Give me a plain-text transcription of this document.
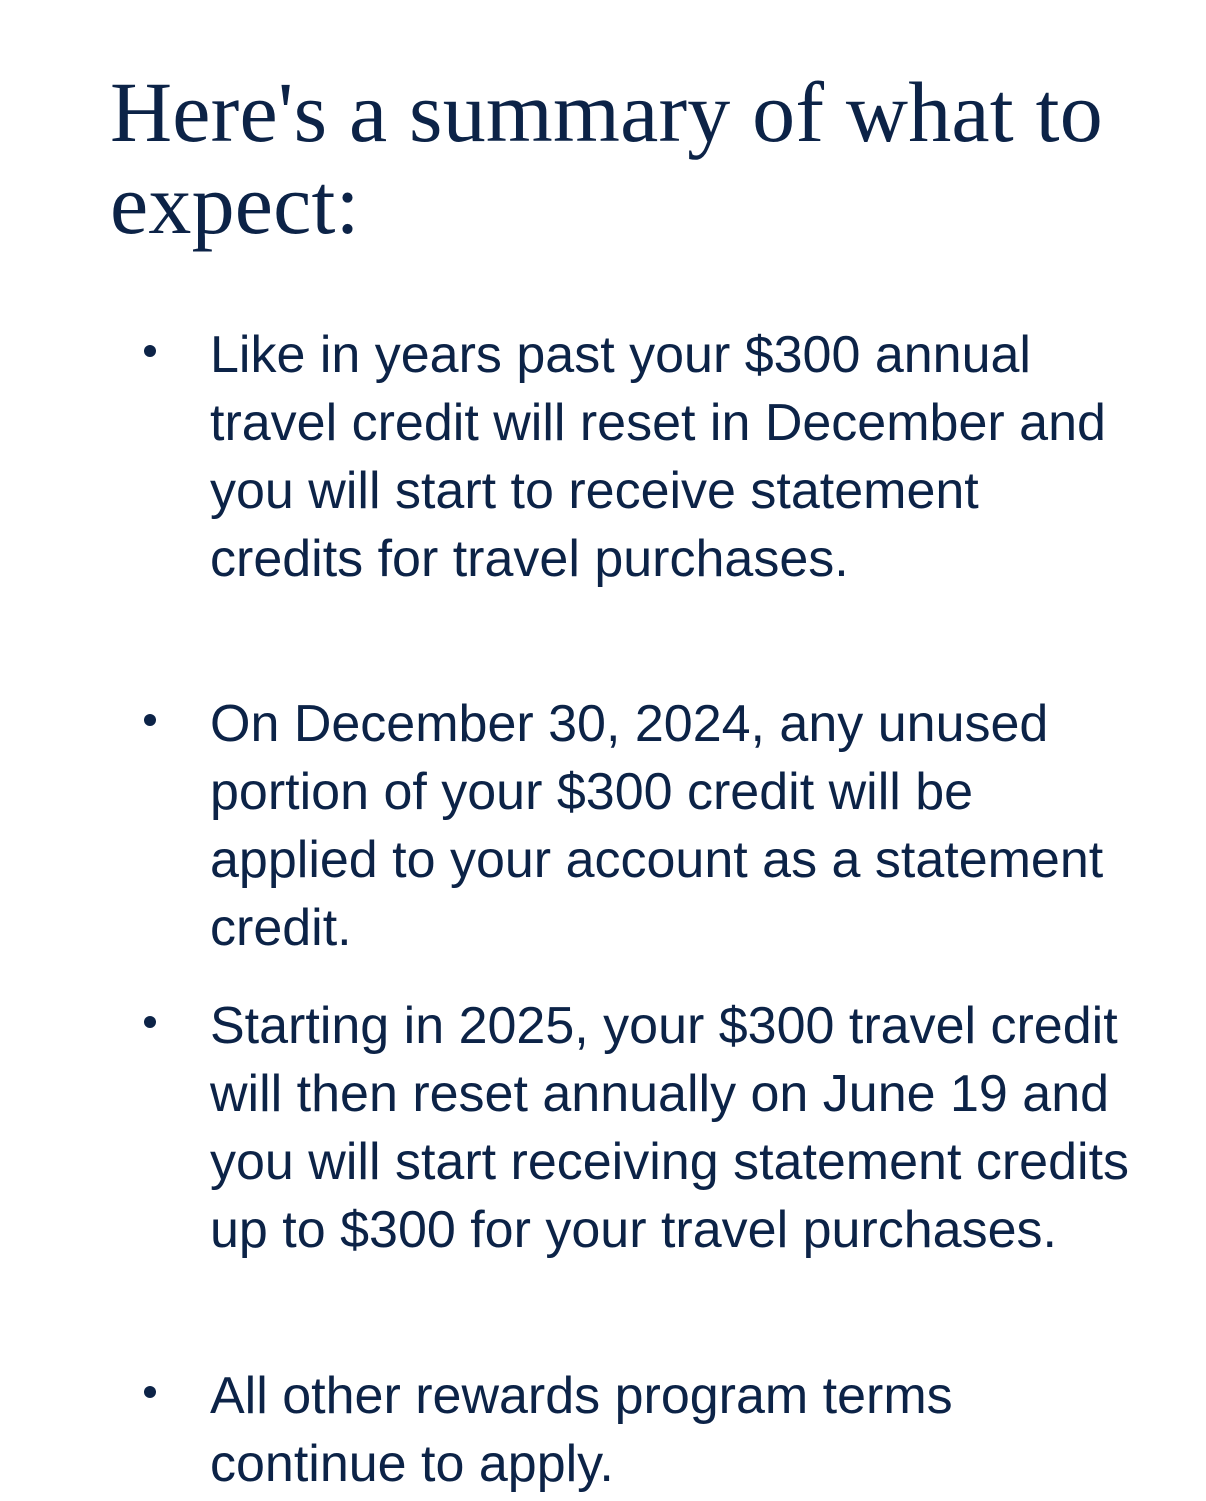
Here's a summary of what to expect:
Like in years past your $300 annual travel credit will reset in December and you will start to receive statement credits for travel purchases.
On December 30, 2024, any unused portion of your $300 credit will be applied to your account as a statement credit.
Starting in 2025, your $300 travel credit will then reset annually on June 19 and you will start receiving statement credits up to $300 for your travel purchases.
All other rewards program terms continue to apply.
